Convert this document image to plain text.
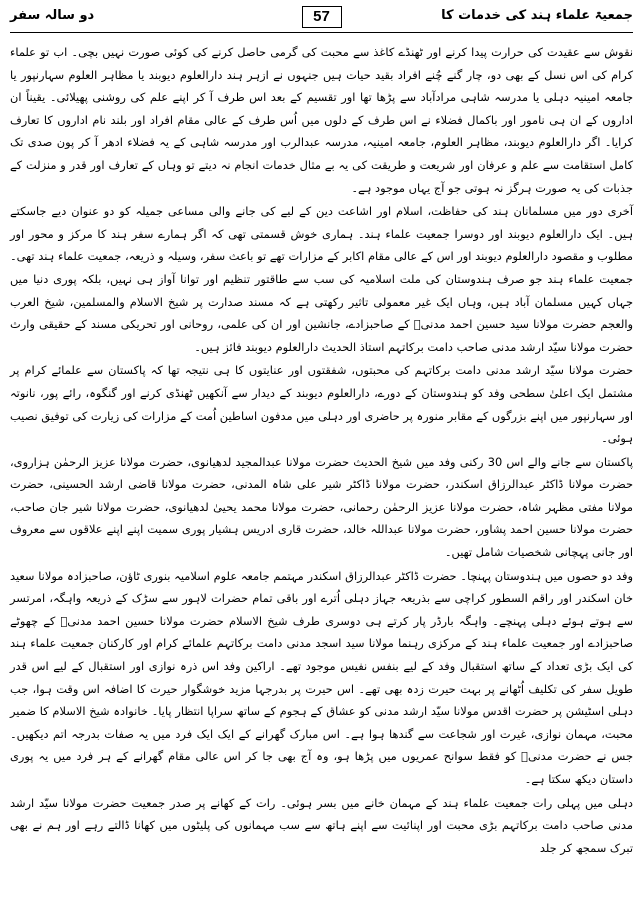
دو سالہ سفر	57	جمعیۃ علماء ہند کی خدمات کا

نقوش سے عقیدت کی حرارت پیدا کرنے اور ٹھنڈے کاغذ سے محبت کی گرمی حاصل کرنے کی کوئی صورت نہیں بچی۔ اب تو علماء کرام کی اس نسل کے بھی دو، چار گنے چُنے افراد بقید حیات ہیں جنہوں نے ازہر ہند دارالعلوم دیوبند یا مظاہر العلوم سہارنپور یا جامعہ امینیہ دہلی یا مدرسہ شاہی مرادآباد سے پڑھا تھا اور تقسیم کے بعد اس طرف آ کر اپنے علم کی روشنی پھیلائی۔ یقیناً ان اداروں کے ان ہی نامور اور باکمال فضلاء نے اس طرف کے دلوں میں اُس طرف کے عالی مقام افراد اور بلند نام اداروں کا تعارف کرایا۔ اگر دارالعلوم دیوبند، مظاہر العلوم، جامعہ امینیہ، مدرسہ عبدالرب اور مدرسہ شاہی کے یہ فضلاء ادھر آ کر پون صدی تک کامل استقامت سے علم و عرفان اور شریعت و طریقت کی یہ بے مثال خدمات انجام نہ دیتے تو وہاں کے تعارف اور قدر و منزلت کے جذبات کی یہ صورت ہرگز نہ ہوتی جو آج یہاں موجود ہے۔

آخری دور میں مسلمانان ہند کی حفاظت، اسلام اور اشاعت دین کے لیے کی جانے والی مساعی جمیلہ کو دو عنوان دیے جاسکتے ہیں۔ ایک دارالعلوم دیوبند اور دوسرا جمعیت علماء ہند۔ ہماری خوش قسمتی تھی کہ اگر ہمارے سفر ہند کا مرکز و محور اور مطلوب و مقصود دارالعلوم دیوبند اور اس کے عالی مقام اکابر کے مزارات تھے تو باعث سفر، وسیلہ و ذریعہ، جمعیت علماء ہند تھی۔ جمعیت علماء ہند جو صرف ہندوستان کی ملت اسلامیہ کی سب سے طاقتور تنظیم اور توانا آواز ہی نہیں، بلکہ پوری دنیا میں جہاں کہیں مسلمان آباد ہیں، وہاں ایک غیر معمولی تاثیر رکھتی ہے کہ مسند صدارت پر شیخ الاسلام والمسلمین، شیخ العرب والعجم حضرت مولانا سید حسین احمد مدنیؒ کے صاحبزادے، جانشین اور ان کی علمی، روحانی اور تحریکی مسند کے حقیقی وارث حضرت مولانا سیّد ارشد مدنی صاحب دامت برکاتہم استاذ الحدیث دارالعلوم دیوبند فائز ہیں۔

حضرت مولانا سیّد ارشد مدنی دامت برکاتہم کی محبتوں، شفقتوں اور عنایتوں کا ہی نتیجہ تھا کہ پاکستان سے علمائے کرام پر مشتمل ایک اعلیٰ سطحی وفد کو ہندوستان کے دورے، دارالعلوم دیوبند کے دیدار سے آنکھیں ٹھنڈی کرنے اور گنگوہ، رائے پور، نانوتہ اور سہارنپور میں اپنے بزرگوں کے مقابر منورہ پر حاضری اور دہلی میں مدفون اساطین اُمت کے مزارات کی زیارت کی توفیق نصیب ہوئی۔

پاکستان سے جانے والے اس 30 رکنی وفد میں شیخ الحدیث حضرت مولانا عبدالمجید لدھیانوی، حضرت مولانا عزیز الرحمٰن ہزاروی، حضرت مولانا ڈاکٹر عبدالرزاق اسکندر، حضرت مولانا ڈاکٹر شیر علی شاہ المدنی، حضرت مولانا قاضی ارشد الحسینی، حضرت مولانا مفتی مظہر شاہ، حضرت مولانا عزیز الرحمٰن رحمانی، حضرت مولانا محمد یحییٰ لدھیانوی، حضرت مولانا شیر جان صاحب، حضرت مولانا حسین احمد پشاور، حضرت مولانا عبداللہ خالد، حضرت قاری ادریس ہشیار پوری سمیت اپنے اپنے علاقوں سے معروف اور جانی پہچانی شخصیات شامل تھیں۔

وفد دو حصوں میں ہندوستان پہنچا۔ حضرت ڈاکٹر عبدالرزاق اسکندر مہتمم جامعہ علوم اسلامیہ بنوری ٹاؤن، صاحبزادہ مولانا سعید خان اسکندر اور راقم السطور کراچی سے بذریعہ جہاز دہلی اُترے اور باقی تمام حضرات لاہور سے سڑک کے ذریعہ واہگہ، امرتسر سے ہوتے ہوئے دہلی پہنچے۔ واہگہ بارڈر پار کرتے ہی دوسری طرف شیخ الاسلام حضرت مولانا حسین احمد مدنیؒ کے چھوٹے صاحبزادے اور جمعیت علماء ہند کے مرکزی رہنما مولانا سید اسجد مدنی دامت برکاتہم علمائے کرام اور کارکنان جمعیت علماء ہند کی ایک بڑی تعداد کے ساتھ استقبال وفد کے لیے بنفس نفیس موجود تھے۔ اراکین وفد اس ذرہ نوازی اور استقبال کے لیے اس قدر طویل سفر کی تکلیف اُٹھانے پر بہت حیرت زدہ بھی تھے۔ اس حیرت پر بدرجہا مزید خوشگوار حیرت کا اضافہ اس وقت ہوا، جب دہلی اسٹیشن پر حضرت اقدس مولانا سیّد ارشد مدنی کو عشاق کے ہجوم کے ساتھ سراپا انتظار پایا۔ خانوادہ شیخ الاسلام کا ضمیر محبت، مہمان نوازی، غیرت اور شجاعت سے گندھا ہوا ہے۔ اس مبارک گھرانے کے ایک ایک فرد میں یہ صفات بدرجہ اتم دیکھیں۔ جس نے حضرت مدنیؒ کو فقط سوانح عمریوں میں پڑھا ہو، وہ آج بھی جا کر اس عالی مقام گھرانے کے ہر فرد میں یہ پوری داستان دیکھ سکتا ہے۔

دہلی میں پہلی رات جمعیت علماء ہند کے مہمان خانے میں بسر ہوئی۔ رات کے کھانے پر صدر جمعیت حضرت مولانا سیّد ارشد مدنی صاحب دامت برکاتہم بڑی محبت اور اپنائیت سے اپنے ہاتھ سے سب مہمانوں کی پلیٹوں میں کھانا ڈالتے رہے اور ہم نے بھی تبرک سمجھ کر جلد
